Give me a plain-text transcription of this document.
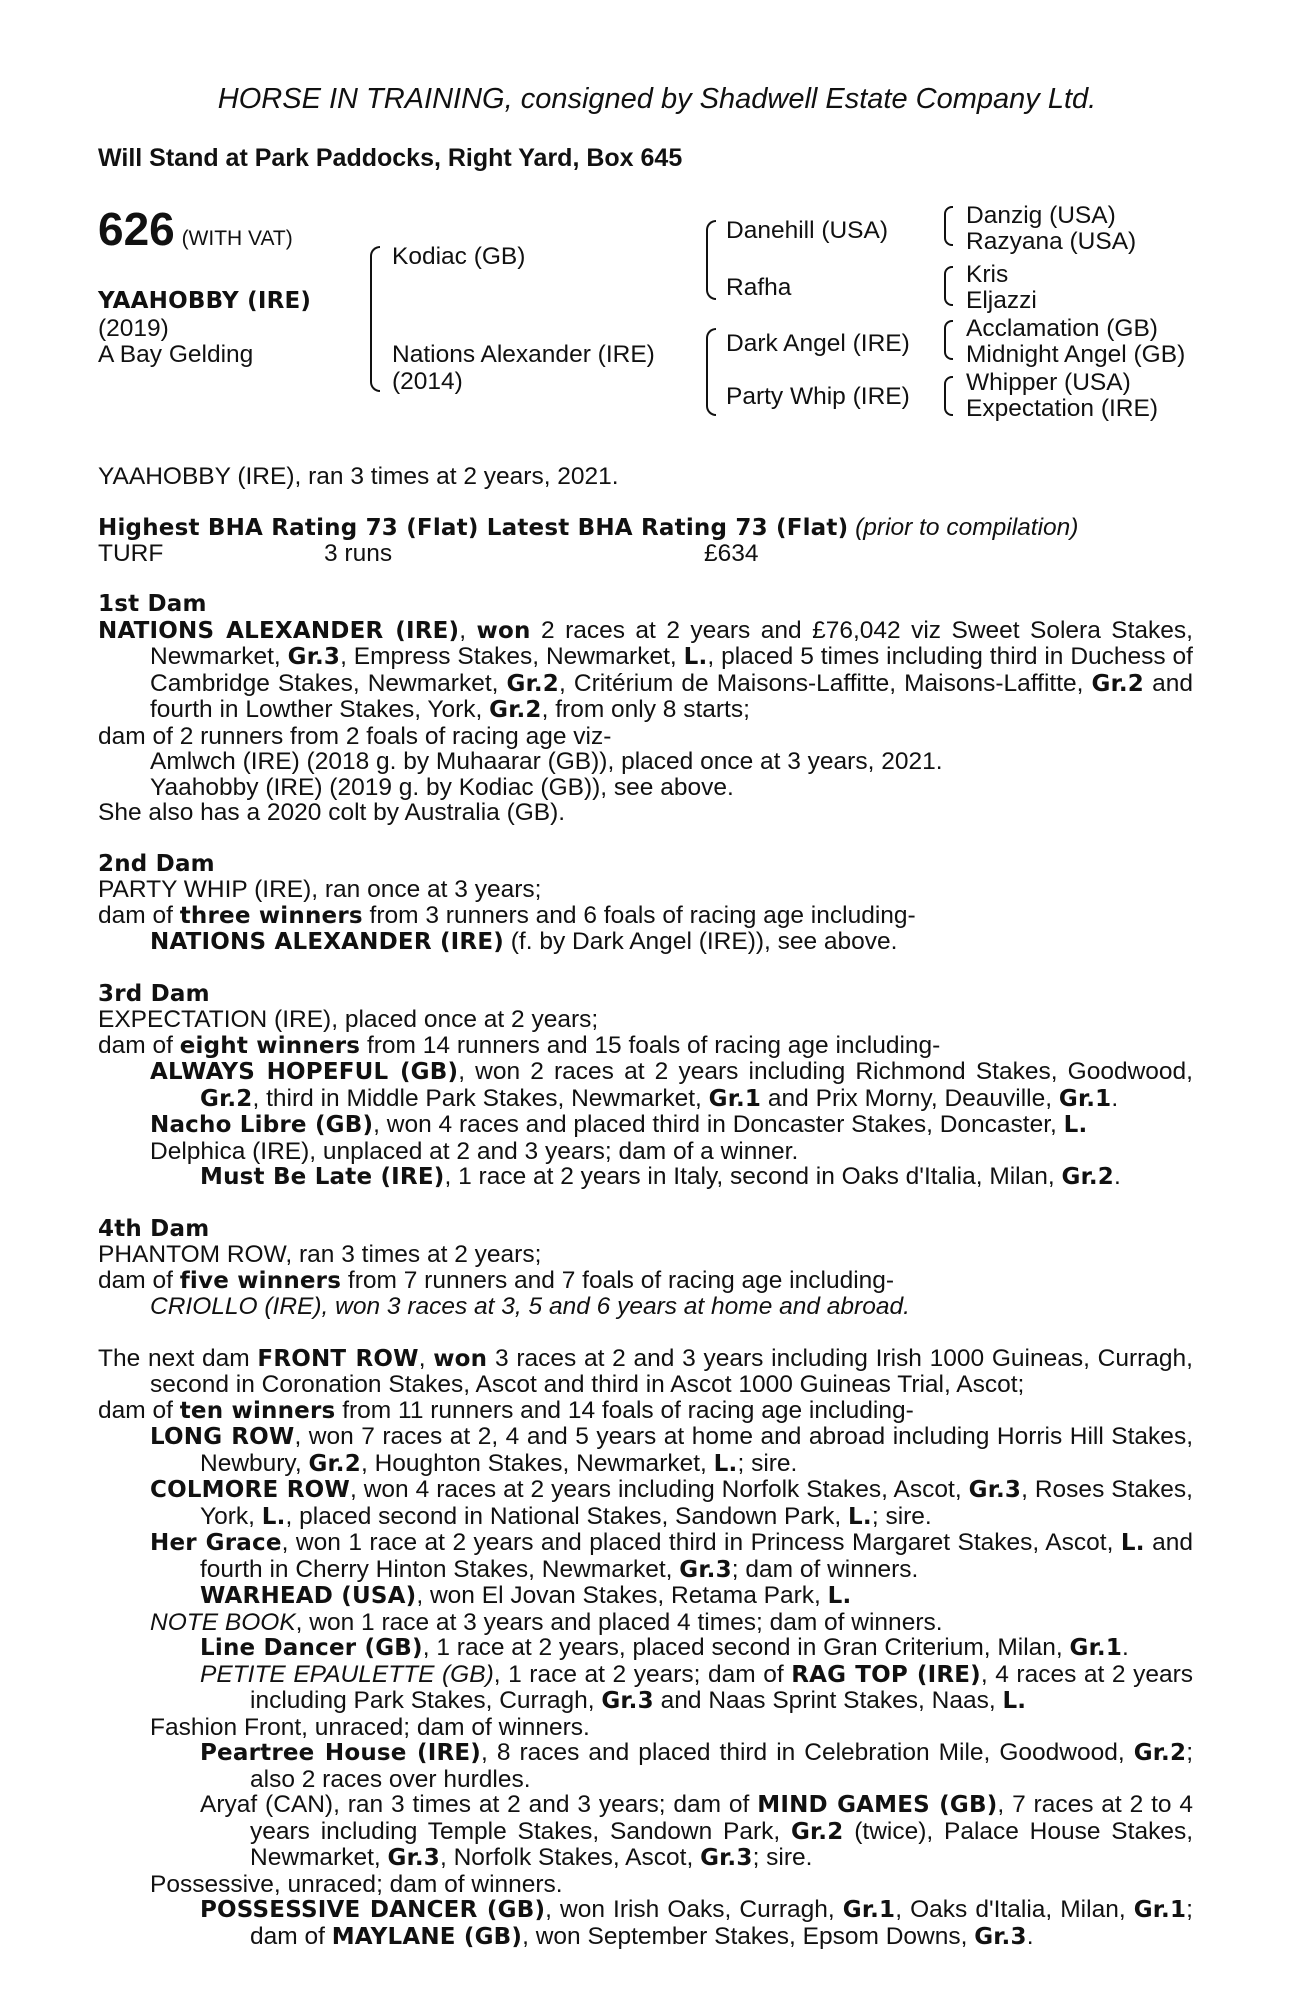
HORSE IN TRAINING, consigned by Shadwell Estate Company Ltd.
Will Stand at Park Paddocks, Right Yard, Box 645
626 (WITH VAT)
YAAHOBBY (IRE)
(2019)
A Bay Gelding
Kodiac (GB)
Nations Alexander (IRE)
(2014)
Danehill (USA)
Rafha
Dark Angel (IRE)
Party Whip (IRE)
Danzig (USA)
Razyana (USA)
Kris
Eljazzi
Acclamation (GB)
Midnight Angel (GB)
Whipper (USA)
Expectation (IRE)
YAAHOBBY (IRE), ran 3 times at 2 years, 2021.
Highest BHA Rating 73 (Flat) Latest BHA Rating 73 (Flat) (prior to compilation)
TURF	3 runs	£634
1st Dam
NATIONS ALEXANDER (IRE), won 2 races at 2 years and £76,042 viz Sweet Solera Stakes, Newmarket, Gr.3, Empress Stakes, Newmarket, L., placed 5 times including third in Duchess of Cambridge Stakes, Newmarket, Gr.2, Critérium de Maisons-Laffitte, Maisons-Laffitte, Gr.2 and fourth in Lowther Stakes, York, Gr.2, from only 8 starts;
dam of 2 runners from 2 foals of racing age viz-
Amlwch (IRE) (2018 g. by Muhaarar (GB)), placed once at 3 years, 2021.
Yaahobby (IRE) (2019 g. by Kodiac (GB)), see above.
She also has a 2020 colt by Australia (GB).
2nd Dam
PARTY WHIP (IRE), ran once at 3 years;
dam of three winners from 3 runners and 6 foals of racing age including-
NATIONS ALEXANDER (IRE) (f. by Dark Angel (IRE)), see above.
3rd Dam
EXPECTATION (IRE), placed once at 2 years;
dam of eight winners from 14 runners and 15 foals of racing age including-
ALWAYS HOPEFUL (GB), won 2 races at 2 years including Richmond Stakes, Goodwood, Gr.2, third in Middle Park Stakes, Newmarket, Gr.1 and Prix Morny, Deauville, Gr.1.
Nacho Libre (GB), won 4 races and placed third in Doncaster Stakes, Doncaster, L.
Delphica (IRE), unplaced at 2 and 3 years; dam of a winner.
Must Be Late (IRE), 1 race at 2 years in Italy, second in Oaks d'Italia, Milan, Gr.2.
4th Dam
PHANTOM ROW, ran 3 times at 2 years;
dam of five winners from 7 runners and 7 foals of racing age including-
CRIOLLO (IRE), won 3 races at 3, 5 and 6 years at home and abroad.
The next dam FRONT ROW, won 3 races at 2 and 3 years including Irish 1000 Guineas, Curragh, second in Coronation Stakes, Ascot and third in Ascot 1000 Guineas Trial, Ascot;
dam of ten winners from 11 runners and 14 foals of racing age including-
LONG ROW, won 7 races at 2, 4 and 5 years at home and abroad including Horris Hill Stakes, Newbury, Gr.2, Houghton Stakes, Newmarket, L.; sire.
COLMORE ROW, won 4 races at 2 years including Norfolk Stakes, Ascot, Gr.3, Roses Stakes, York, L., placed second in National Stakes, Sandown Park, L.; sire.
Her Grace, won 1 race at 2 years and placed third in Princess Margaret Stakes, Ascot, L. and fourth in Cherry Hinton Stakes, Newmarket, Gr.3; dam of winners.
WARHEAD (USA), won El Jovan Stakes, Retama Park, L.
NOTE BOOK, won 1 race at 3 years and placed 4 times; dam of winners.
Line Dancer (GB), 1 race at 2 years, placed second in Gran Criterium, Milan, Gr.1.
PETITE EPAULETTE (GB), 1 race at 2 years; dam of RAG TOP (IRE), 4 races at 2 years including Park Stakes, Curragh, Gr.3 and Naas Sprint Stakes, Naas, L.
Fashion Front, unraced; dam of winners.
Peartree House (IRE), 8 races and placed third in Celebration Mile, Goodwood, Gr.2; also 2 races over hurdles.
Aryaf (CAN), ran 3 times at 2 and 3 years; dam of MIND GAMES (GB), 7 races at 2 to 4 years including Temple Stakes, Sandown Park, Gr.2 (twice), Palace House Stakes, Newmarket, Gr.3, Norfolk Stakes, Ascot, Gr.3; sire.
Possessive, unraced; dam of winners.
POSSESSIVE DANCER (GB), won Irish Oaks, Curragh, Gr.1, Oaks d'Italia, Milan, Gr.1; dam of MAYLANE (GB), won September Stakes, Epsom Downs, Gr.3.
